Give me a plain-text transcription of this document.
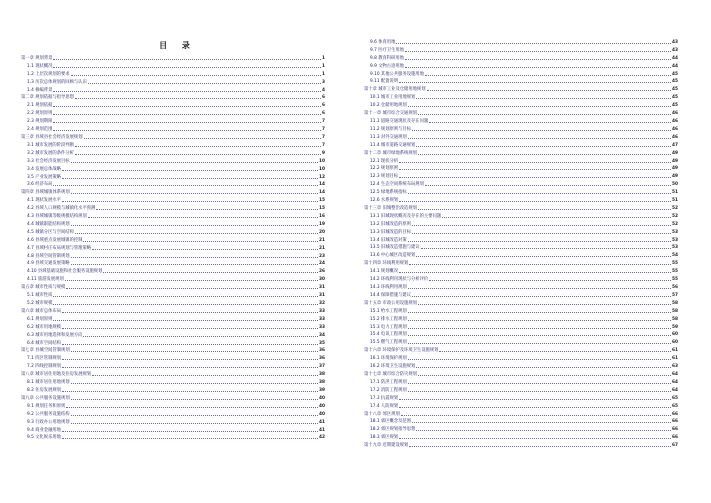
目 录
第一章 规划背景	1
1.1 现状概况	1
1.2 上层次规划的要求	1
1.3 历次总体规划的回顾与认识	3
1.4 修编背景	4
第二章 规划依据与指导思想	6
2.1 规划依据	6
2.2 规划原则	6
2.3 规划期限	7
2.4 规划范围	7
第三章 县域县社会经济发展规划	7
3.1 城市发展的阶段判断	7
3.2 城市发展的条件分析	9
3.3 社会经济发展目标	10
3.4 发展总体战略	10
3.5 产业发展策略	12
3.6 经济布局	14
第四章 县域城镇体系规划	14
4.1 现状发展水平	15
4.2 县域人口规模与城镇化水平预测	15
4.3 县域城镇等级规模结构规划	16
4.4 城镇职能结构规划	19
4.5 城镇分区与空间结构	20
4.6 县域重点发展城镇的控制	21
4.7 县域村庄布局规划与管理策略	21
4.8 县域空间管制规划	23
4.9 县域交通发展策略	24
4.10 县域基础设施和社会服务设施规划	26
4.11 旅游发展规划	30
第五章 城市性质与规模	31
5.1 城市性质	31
5.2 城市规模	32
第六章 城市总体布局	33
6.1 规划原则	33
6.2 城市用地规模	33
6.3 城市用地选择和发展方向	34
6.4 城市空间结构	35
第七章 县城空间管制规划	36
7.1 四区管制规划	36
7.2 四线控制规划	37
第八章 城市居住用地及住房发展规划	38
8.1 城市居住用地规划	38
8.2 住房发展规划	39
第九章 公共服务设施规划	40
9.1 规划任务和原则	40
9.2 公共服务设施结构	40
9.3 行政办公用地规划	41
9.4 商业金融用地	41
9.5 文化娱乐用地	42
9.6 体育用地	43
9.7 医疗卫生用地	43
9.8 教育科研用地	44
9.9 文物古迹用地	44
9.10 其他公共服务设施用地	45
9.11 配置说明	45
第十章 城市工业及仓储用地规划	45
10.1 城市工业用地规划	45
10.2 仓储用地规划	45
第十一章 城市综合交通规划	46
11.1 道路交通现状及存在问题	46
11.2 规划原则与目标	46
11.3 对外交通规划	46
11.4 城市道路交通规划	47
第十二章 城市绿地系统规划	49
12.1 现状分析	49
12.2 规划原则	49
12.3 规划目标	49
12.4 生态空间系统布局规划	50
12.5 绿地系统指标	51
12.6 水系规划	51
第十三章 旧城整治改造规划	52
13.1 旧城现状概况及存在的主要问题	52
13.2 旧城改造的原则	52
13.3 旧城改造的目标	53
13.4 旧城改造对策	53
13.5 旧城改造措施与建议	53
13.6 中心城区改造规划	54
第十四章 环线利用规划	55
14.1 规划概况	55
14.2 环线利用现状与分析评价	55
14.3 环线利用规划	56
14.4 保障措施与建议	57
第十五章 市政公用设施规划	58
15.1 给水工程规划	58
15.2 排水工程规划	58
15.3 电力工程规划	59
15.4 电讯工程规划	60
15.5 燃气工程规划	60
第十六章 环境保护及环境卫生设施规划	61
16.1 环境保护规划	61
16.2 环境卫生设施规划	63
第十七章 城市综合防灾规划	64
17.1 防洪工程规划	64
17.2 消防工程规划	64
17.3 抗震规划	65
17.4 人防规划	65
第十八章 郊区规划	66
18.1 郊区概念及范围	66
18.2 郊区规划指导思想	66
18.3 郊区规划	66
第十九章 近期建设规划	67
